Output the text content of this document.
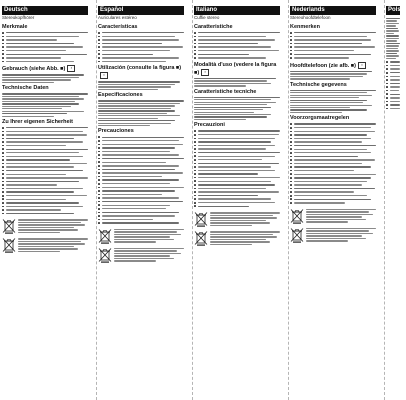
Deutsch
Stereokopfhörer
Merkmale
Gebrauch (siehe Abb. ■) ▪
Technische Daten
Zu Ihrer eigenen Sicherheit
Español
Auriculares estéreo
Características
Utilización (consulte la figura ■)▪
Especificaciones
Precauciones
Italiano
Cuffie stereo
Caratteristiche
Modalità d'uso (vedere la figura ■) ▪
Caratteristiche tecniche
Precauzioni
Nederlands
Stereohoofdtelefoon
Kenmerken
Hoofdtelefoon (zie afb. ■) ▪
Technische gegevens
Voorzorgsmaatregelen
Polski
